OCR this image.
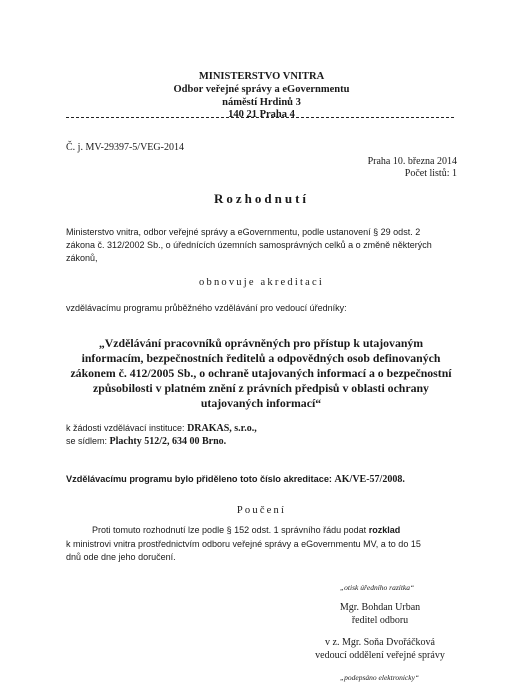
MINISTERSTVO VNITRA
Odbor veřejné správy a eGovernmentu
náměstí Hrdinů 3
140 21 Praha 4
Č. j. MV-29397-5/VEG-2014
Praha 10. března 2014
Počet listů: 1
Rozhodnutí
Ministerstvo vnitra, odbor veřejné správy a eGovernmentu, podle ustanovení § 29 odst. 2
zákona č. 312/2002 Sb., o úřednících územních samosprávných celků a o změně některých
zákonů,
obnovuje akreditaci
vzdělávacímu programu průběžného vzdělávání pro vedoucí úředníky:
„Vzdělávání pracovníků oprávněných pro přístup k utajovaným
informacím, bezpečnostních ředitelů a odpovědných osob definovaných
zákonem č. 412/2005 Sb., o ochraně utajovaných informací a o bezpečnostní
způsobilosti v platném znění z právních předpisů v oblasti ochrany
utajovaných informací“
k žádosti vzdělávací instituce: DRAKAS, s.r.o.,
se sídlem: Plachty 512/2, 634 00 Brno.
Vzdělávacímu programu bylo přiděleno toto číslo akreditace: AK/VE-57/2008.
Poučení
Proti tomuto rozhodnutí lze podle § 152 odst. 1 správního řádu podat rozklad
k ministrovi vnitra prostřednictvím odboru veřejné správy a eGovernmentu MV, a to do 15
dnů ode dne jeho doručení.
„otisk úředního razítka“
Mgr. Bohdan Urban
ředitel odboru
v z. Mgr. Soňa Dvořáčková
vedoucí oddělení veřejné správy
„podepsáno elektronicky“
